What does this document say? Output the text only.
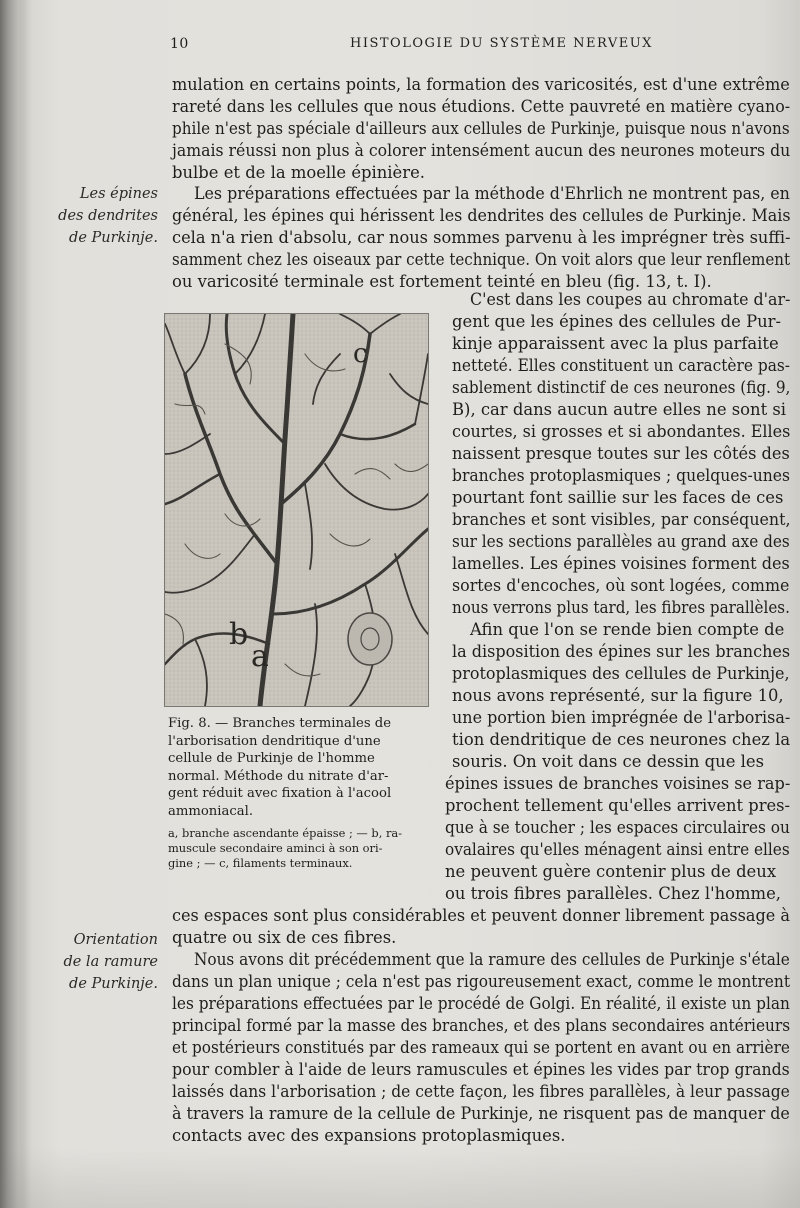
10	HISTOLOGIE DU SYSTÈME NERVEUX
Les épines
des dendrites
de Purkinje.
Orientation
de la ramure
de Purkinje.
mulation en certains points, la formation des varicosités, est d'une extrême
rareté dans les cellules que nous étudions. Cette pauvreté en matière cyano-
phile n'est pas spéciale d'ailleurs aux cellules de Purkinje, puisque nous n'avons
jamais réussi non plus à colorer intensément aucun des neurones moteurs du
bulbe et de la moelle épinière.
Les préparations effectuées par la méthode d'Ehrlich ne montrent pas, en
général, les épines qui hérissent les dendrites des cellules de Purkinje. Mais
cela n'a rien d'absolu, car nous sommes parvenu à les imprégner très suffi-
samment chez les oiseaux par cette technique. On voit alors que leur renflement
ou varicosité terminale est fortement teinté en bleu (fig. 13, t. I).
c
b
a
Fig. 8. — Branches terminales de
l'arborisation dendritique d'une
cellule de Purkinje de l'homme
normal. Méthode du nitrate d'ar-
gent réduit avec fixation à l'acool
ammoniacal.
a, branche ascendante épaisse ; — b, ra-
muscule secondaire aminci à son ori-
gine ; — c, filaments terminaux.
C'est dans les coupes au chromate d'ar-
gent que les épines des cellules de Pur-
kinje apparaissent avec la plus parfaite
netteté. Elles constituent un caractère pas-
sablement distinctif de ces neurones (fig. 9,
B), car dans aucun autre elles ne sont si
courtes, si grosses et si abondantes. Elles
naissent presque toutes sur les côtés des
branches protoplasmiques ; quelques-unes
pourtant font saillie sur les faces de ces
branches et sont visibles, par conséquent,
sur les sections parallèles au grand axe des
lamelles. Les épines voisines forment des
sortes d'encoches, où sont logées, comme
nous verrons plus tard, les fibres parallèles.
Afin que l'on se rende bien compte de
la disposition des épines sur les branches
protoplasmiques des cellules de Purkinje,
nous avons représenté, sur la figure 10,
une portion bien imprégnée de l'arborisa-
tion dendritique de ces neurones chez la
souris. On voit dans ce dessin que les
épines issues de branches voisines se rap-
prochent tellement qu'elles arrivent pres-
que à se toucher ; les espaces circulaires ou
ovalaires qu'elles ménagent ainsi entre elles
ne peuvent guère contenir plus de deux
ou trois fibres parallèles. Chez l'homme,
ces espaces sont plus considérables et peuvent donner librement passage à
quatre ou six de ces fibres.
Nous avons dit précédemment que la ramure des cellules de Purkinje s'étale
dans un plan unique ; cela n'est pas rigoureusement exact, comme le montrent
les préparations effectuées par le procédé de Golgi. En réalité, il existe un plan
principal formé par la masse des branches, et des plans secondaires antérieurs
et postérieurs constitués par des rameaux qui se portent en avant ou en arrière
pour combler à l'aide de leurs ramuscules et épines les vides par trop grands
laissés dans l'arborisation ; de cette façon, les fibres parallèles, à leur passage
à travers la ramure de la cellule de Purkinje, ne risquent pas de manquer de
contacts avec des expansions protoplasmiques.
